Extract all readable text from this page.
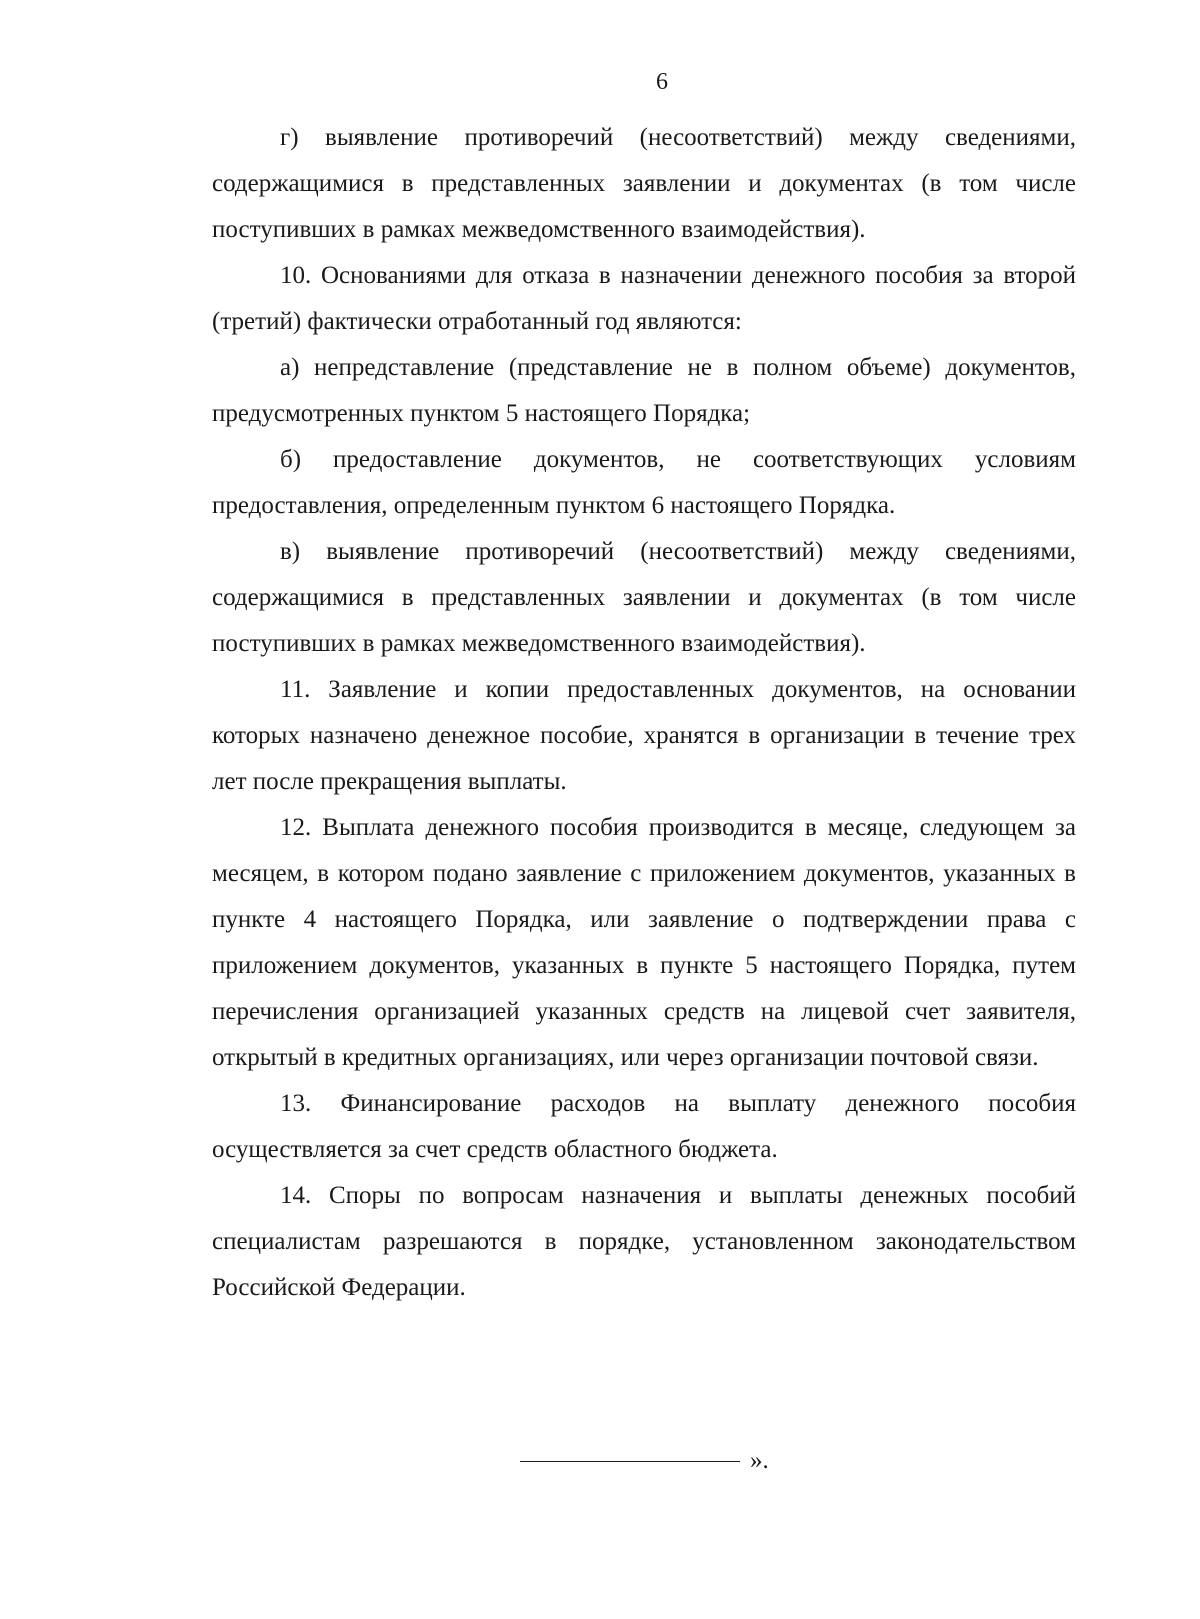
6

г) выявление противоречий (несоответствий) между сведениями, содержащимися в представленных заявлении и документах (в том числе поступивших в рамках межведомственного взаимодействия).

10. Основаниями для отказа в назначении денежного пособия за второй (третий) фактически отработанный год являются:

а) непредставление (представление не в полном объеме) документов, предусмотренных пунктом 5 настоящего Порядка;

б) предоставление документов, не соответствующих условиям предоставления, определенным пунктом 6 настоящего Порядка.

в) выявление противоречий (несоответствий) между сведениями, содержащимися в представленных заявлении и документах (в том числе поступивших в рамках межведомственного взаимодействия).

11. Заявление и копии предоставленных документов, на основании которых назначено денежное пособие, хранятся в организации в течение трех лет после прекращения выплаты.

12. Выплата денежного пособия производится в месяце, следующем за месяцем, в котором подано заявление с приложением документов, указанных в пункте 4 настоящего Порядка, или заявление о подтверждении права с приложением документов, указанных в пункте 5 настоящего Порядка, путем перечисления организацией указанных средств на лицевой счет заявителя, открытый в кредитных организациях, или через организации почтовой связи.

13. Финансирование расходов на выплату денежного пособия осуществляется за счет средств областного бюджета.

14. Споры по вопросам назначения и выплаты денежных пособий специалистам разрешаются в порядке, установленном законодательством Российской Федерации.

».
